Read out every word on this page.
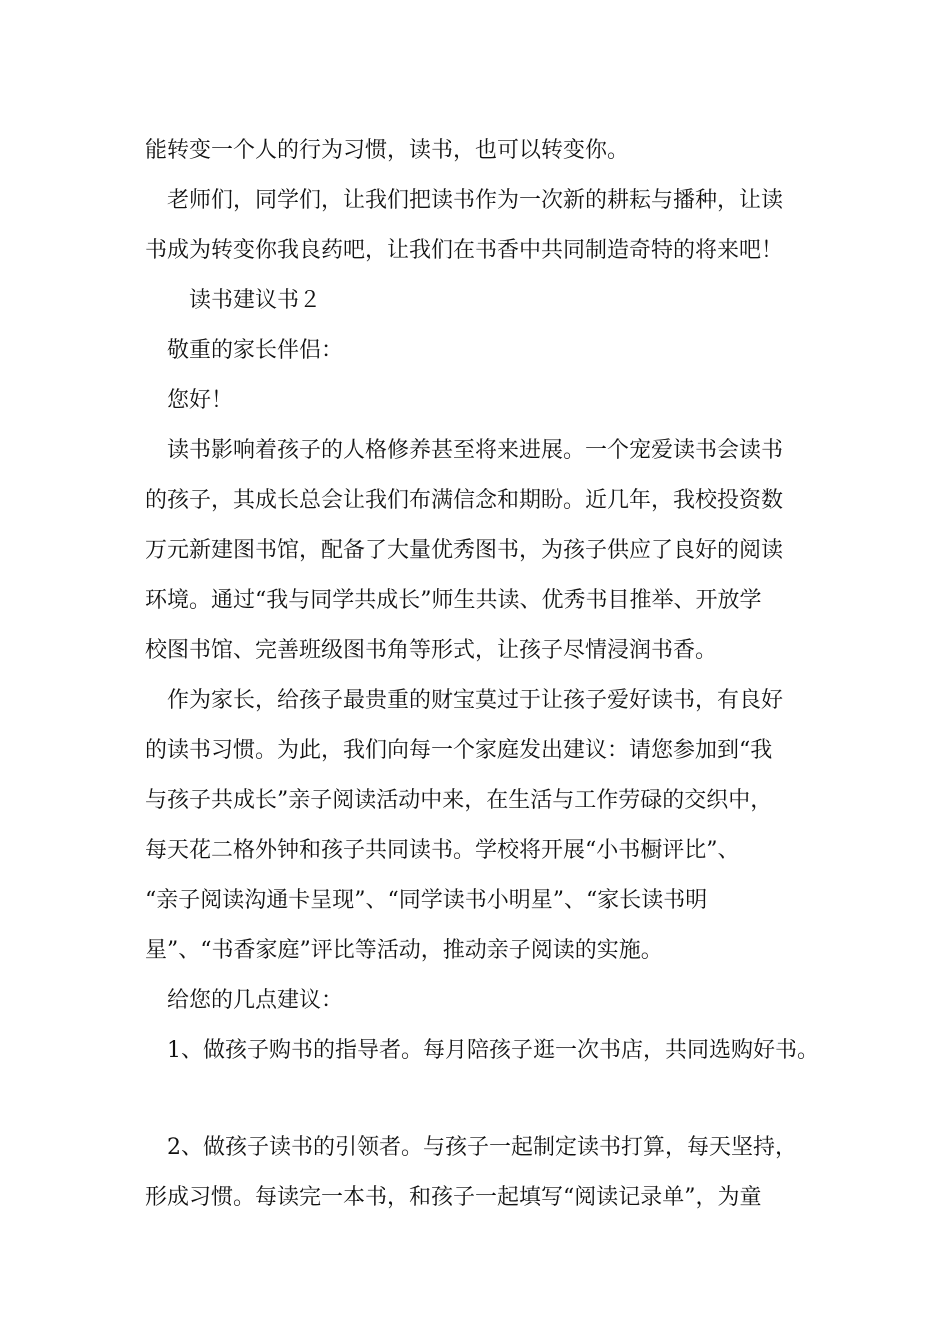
能转变一个人的行为习惯，读书，也可以转变你。
老师们，同学们，让我们把读书作为一次新的耕耘与播种，让读
书成为转变你我良药吧，让我们在书香中共同制造奇特的将来吧！
读书建议书２
敬重的家长伴侣：
您好！
读书影响着孩子的人格修养甚至将来进展。一个宠爱读书会读书
的孩子，其成长总会让我们布满信念和期盼。近几年，我校投资数
万元新建图书馆，配备了大量优秀图书，为孩子供应了良好的阅读
环境。通过“我与同学共成长”师生共读、优秀书目推举、开放学
校图书馆、完善班级图书角等形式，让孩子尽情浸润书香。
作为家长，给孩子最贵重的财宝莫过于让孩子爱好读书，有良好
的读书习惯。为此，我们向每一个家庭发出建议：请您参加到“我
与孩子共成长”亲子阅读活动中来，在生活与工作劳碌的交织中，
每天花二格外钟和孩子共同读书。学校将开展“小书橱评比”、
“亲子阅读沟通卡呈现”、“同学读书小明星”、“家长读书明
星”、“书香家庭”评比等活动，推动亲子阅读的实施。
给您的几点建议：
1、做孩子购书的指导者。每月陪孩子逛一次书店，共同选购好书。
2、做孩子读书的引领者。与孩子一起制定读书打算，每天坚持，
形成习惯。每读完一本书，和孩子一起填写“阅读记录单”，为童
